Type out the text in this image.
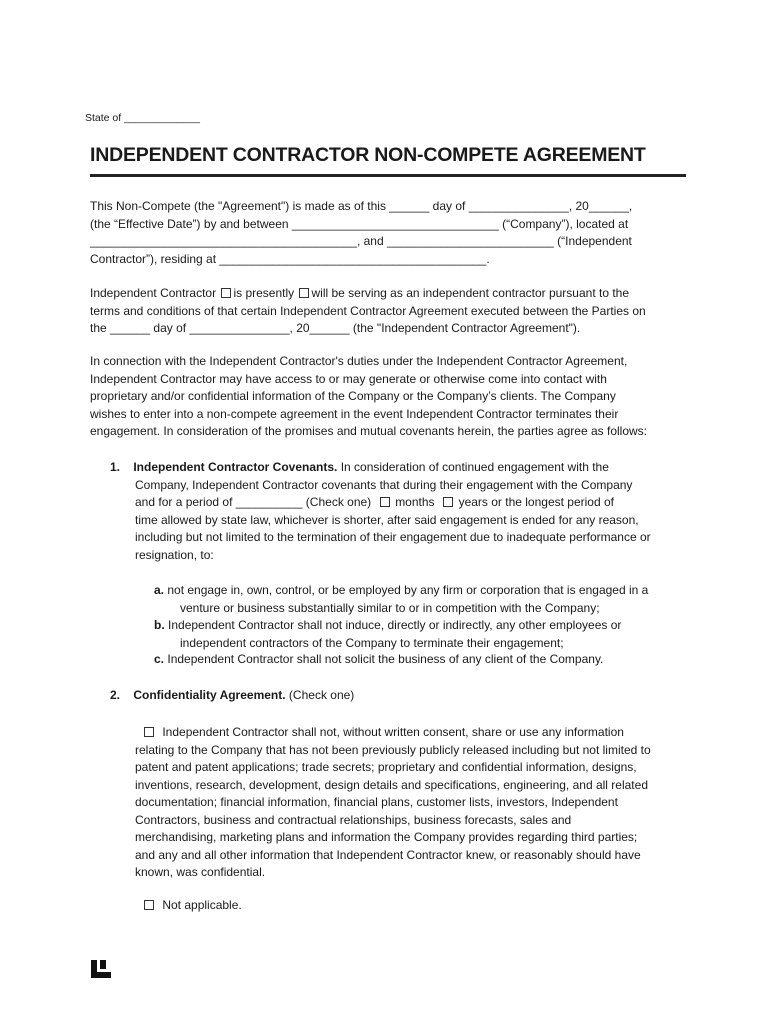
State of _____________
INDEPENDENT CONTRACTOR NON-COMPETE AGREEMENT
This Non-Compete (the "Agreement") is made as of this ______ day of _______________, 20______,
(the “Effective Date”) by and between _______________________________ (“Company”), located at
________________________________________, and _________________________ (“Independent
Contractor”), residing at ________________________________________.
Independent Contractor is presently will be serving as an independent contractor pursuant to the
terms and conditions of that certain Independent Contractor Agreement executed between the Parties on
the ______ day of _______________, 20______ (the "Independent Contractor Agreement").
In connection with the Independent Contractor's duties under the Independent Contractor Agreement,
Independent Contractor may have access to or may generate or otherwise come into contact with
proprietary and/or confidential information of the Company or the Company’s clients. The Company
wishes to enter into a non-compete agreement in the event Independent Contractor terminates their
engagement. In consideration of the promises and mutual covenants herein, the parties agree as follows:
1. Independent Contractor Covenants. In consideration of continued engagement with the
Company, Independent Contractor covenants that during their engagement with the Company
and for a period of __________ (Check one) months years or the longest period of
time allowed by state law, whichever is shorter, after said engagement is ended for any reason,
including but not limited to the termination of their engagement due to inadequate performance or
resignation, to:
a. not engage in, own, control, or be employed by any firm or corporation that is engaged in a
venture or business substantially similar to or in competition with the Company;
b. Independent Contractor shall not induce, directly or indirectly, any other employees or
independent contractors of the Company to terminate their engagement;
c. Independent Contractor shall not solicit the business of any client of the Company.
2. Confidentiality Agreement. (Check one)
Independent Contractor shall not, without written consent, share or use any information
relating to the Company that has not been previously publicly released including but not limited to
patent and patent applications; trade secrets; proprietary and confidential information, designs,
inventions, research, development, design details and specifications, engineering, and all related
documentation; financial information, financial plans, customer lists, investors, Independent
Contractors, business and contractual relationships, business forecasts, sales and
merchandising, marketing plans and information the Company provides regarding third parties;
and any and all other information that Independent Contractor knew, or reasonably should have
known, was confidential.
Not applicable.
